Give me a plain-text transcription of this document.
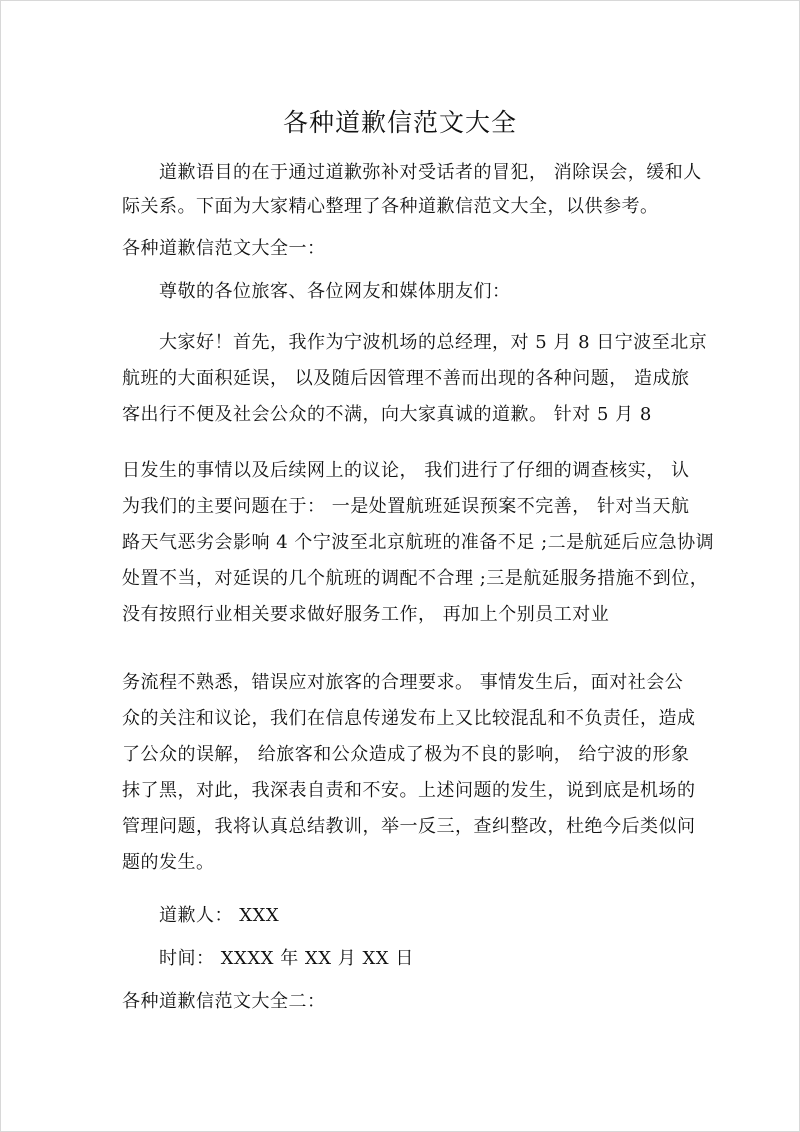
各种道歉信范文大全
道歉语目的在于通过道歉弥补对受话者的冒犯， 消除误会，缓和人
际关系。下面为大家精心整理了各种道歉信范文大全，以供参考。
各种道歉信范文大全一：
尊敬的各位旅客、各位网友和媒体朋友们：
大家好！首先，我作为宁波机场的总经理，对 5 月 8 日宁波至北京
航班的大面积延误， 以及随后因管理不善而出现的各种问题， 造成旅
客出行不便及社会公众的不满，向大家真诚的道歉。 针对 5 月 8
日发生的事情以及后续网上的议论， 我们进行了仔细的调查核实， 认
为我们的主要问题在于： 一是处置航班延误预案不完善， 针对当天航
路天气恶劣会影响 4 个宁波至北京航班的准备不足 ;二是航延后应急协调
处置不当，对延误的几个航班的调配不合理 ;三是航延服务措施不到位，
没有按照行业相关要求做好服务工作， 再加上个别员工对业
务流程不熟悉，错误应对旅客的合理要求。 事情发生后，面对社会公
众的关注和议论，我们在信息传递发布上又比较混乱和不负责任，造成
了公众的误解， 给旅客和公众造成了极为不良的影响， 给宁波的形象
抹了黑，对此，我深表自责和不安。上述问题的发生，说到底是机场的
管理问题，我将认真总结教训，举一反三，查纠整改，杜绝今后类似问
题的发生。
道歉人： XXX
时间： XXXX 年 XX 月 XX 日
各种道歉信范文大全二：
